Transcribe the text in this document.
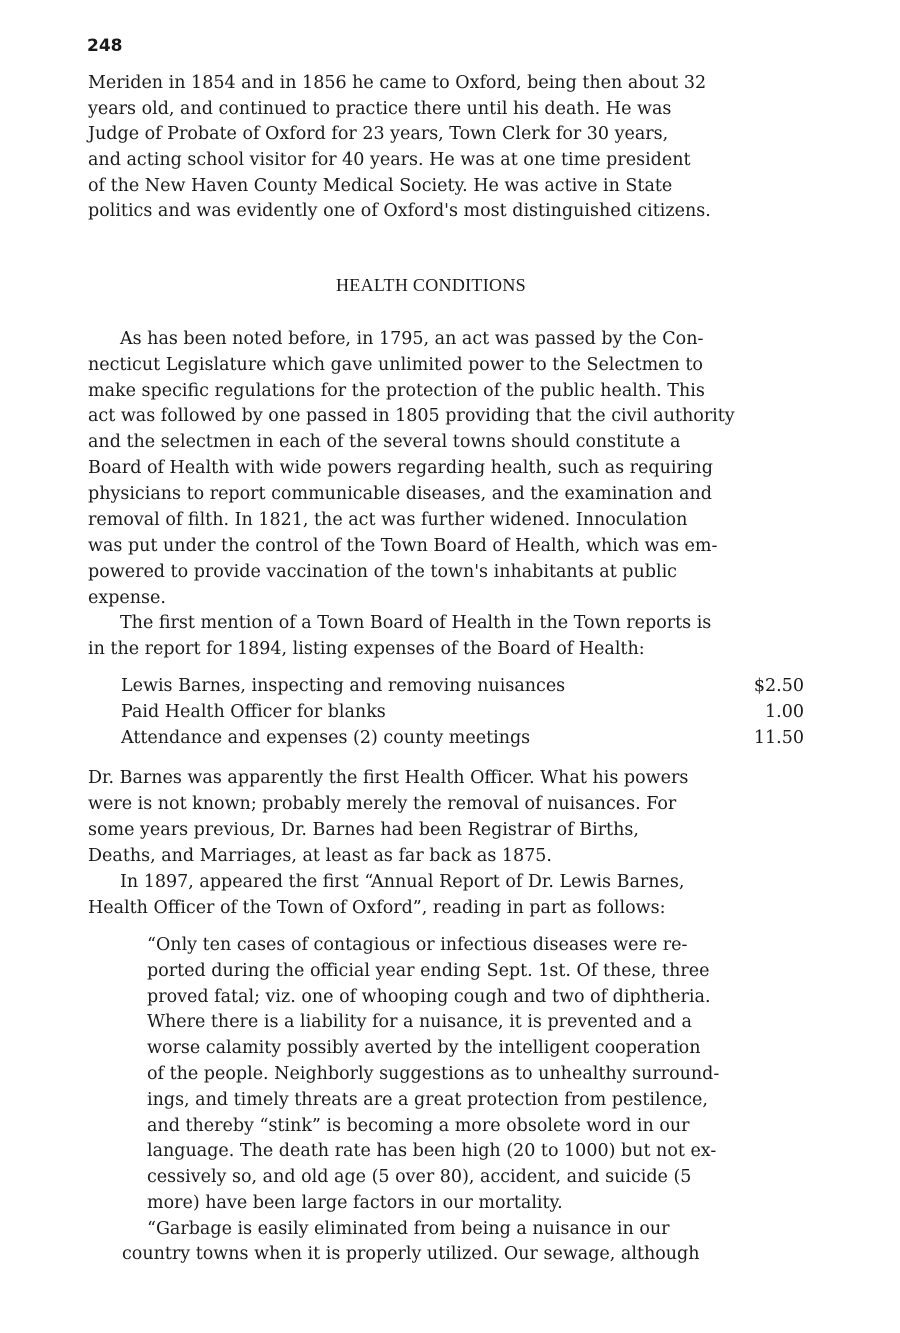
248
Meriden in 1854 and in 1856 he came to Oxford, being then about 32
years old, and continued to practice there until his death. He was
Judge of Probate of Oxford for 23 years, Town Clerk for 30 years,
and acting school visitor for 40 years. He was at one time president
of the New Haven County Medical Society. He was active in State
politics and was evidently one of Oxford's most distinguished citizens.
HEALTH CONDITIONS
As has been noted before, in 1795, an act was passed by the Con-
necticut Legislature which gave unlimited power to the Selectmen to
make specific regulations for the protection of the public health. This
act was followed by one passed in 1805 providing that the civil authority
and the selectmen in each of the several towns should constitute a
Board of Health with wide powers regarding health, such as requiring
physicians to report communicable diseases, and the examination and
removal of filth. In 1821, the act was further widened. Innoculation
was put under the control of the Town Board of Health, which was em-
powered to provide vaccination of the town's inhabitants at public
expense.
The first mention of a Town Board of Health in the Town reports is
in the report for 1894, listing expenses of the Board of Health:
Lewis Barnes, inspecting and removing nuisances	$2.50
Paid Health Officer for blanks	1.00
Attendance and expenses (2) county meetings	11.50
Dr. Barnes was apparently the first Health Officer. What his powers
were is not known; probably merely the removal of nuisances. For
some years previous, Dr. Barnes had been Registrar of Births,
Deaths, and Marriages, at least as far back as 1875.
In 1897, appeared the first “Annual Report of Dr. Lewis Barnes,
Health Officer of the Town of Oxford”, reading in part as follows:
“Only ten cases of contagious or infectious diseases were re-
ported during the official year ending Sept. 1st. Of these, three
proved fatal; viz. one of whooping cough and two of diphtheria.
Where there is a liability for a nuisance, it is prevented and a
worse calamity possibly averted by the intelligent cooperation
of the people. Neighborly suggestions as to unhealthy surround-
ings, and timely threats are a great protection from pestilence,
and thereby “stink” is becoming a more obsolete word in our
language. The death rate has been high (20 to 1000) but not ex-
cessively so, and old age (5 over 80), accident, and suicide (5
more) have been large factors in our mortality.
“Garbage is easily eliminated from being a nuisance in our
country towns when it is properly utilized. Our sewage, although
